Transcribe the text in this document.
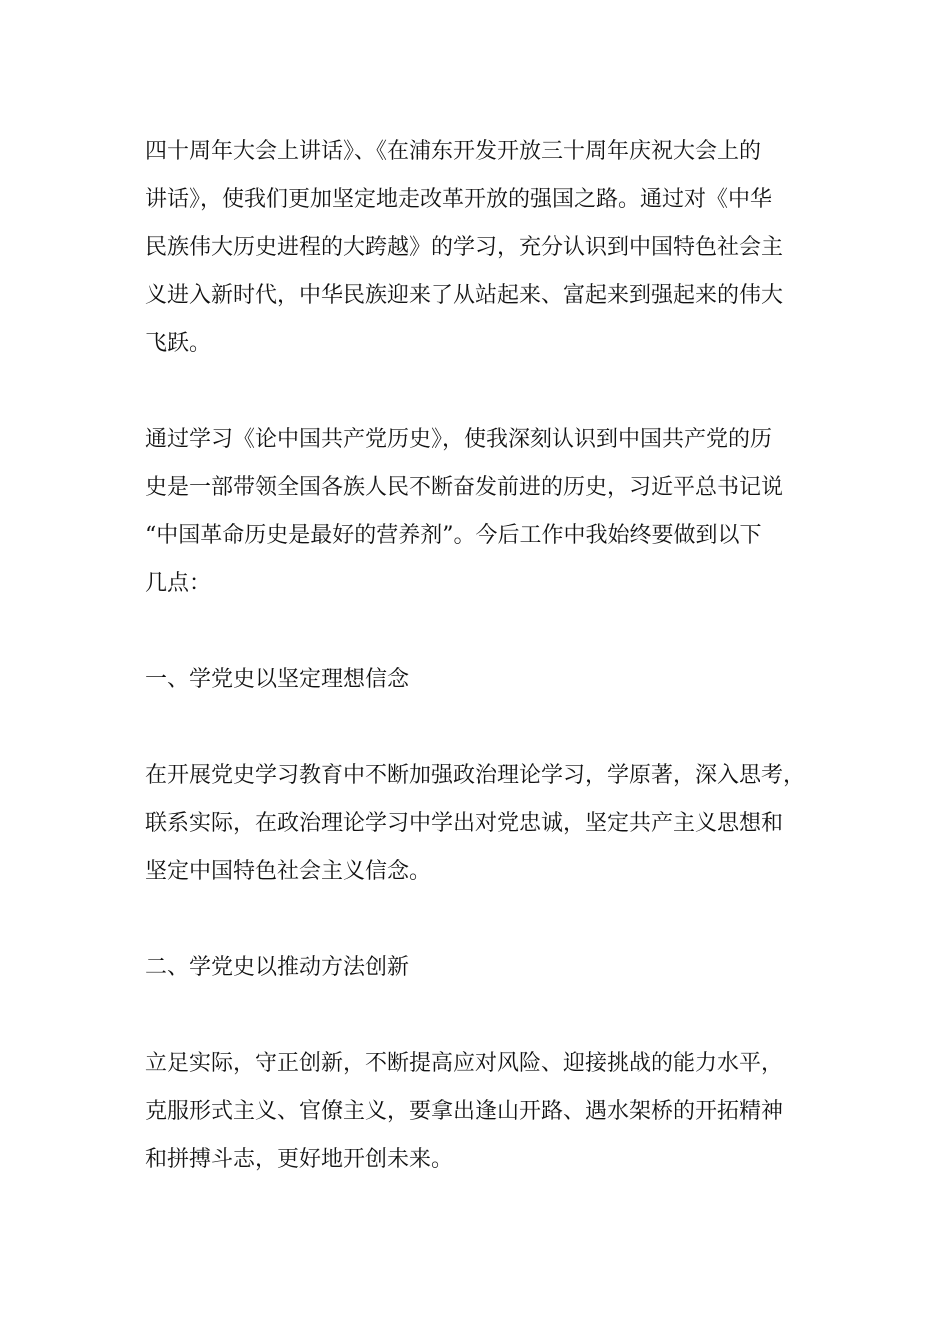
四十周年大会上讲话》、《在浦东开发开放三十周年庆祝大会上的
讲话》，使我们更加坚定地走改革开放的强国之路。通过对《中华
民族伟大历史进程的大跨越》的学习，充分认识到中国特色社会主
义进入新时代，中华民族迎来了从站起来、富起来到强起来的伟大
飞跃。
通过学习《论中国共产党历史》，使我深刻认识到中国共产党的历
史是一部带领全国各族人民不断奋发前进的历史，习近平总书记说
“中国革命历史是最好的营养剂”。今后工作中我始终要做到以下
几点：
一、学党史以坚定理想信念
在开展党史学习教育中不断加强政治理论学习，学原著，深入思考，
联系实际，在政治理论学习中学出对党忠诚，坚定共产主义思想和
坚定中国特色社会主义信念。
二、学党史以推动方法创新
立足实际，守正创新，不断提高应对风险、迎接挑战的能力水平，
克服形式主义、官僚主义，要拿出逢山开路、遇水架桥的开拓精神
和拼搏斗志，更好地开创未来。
